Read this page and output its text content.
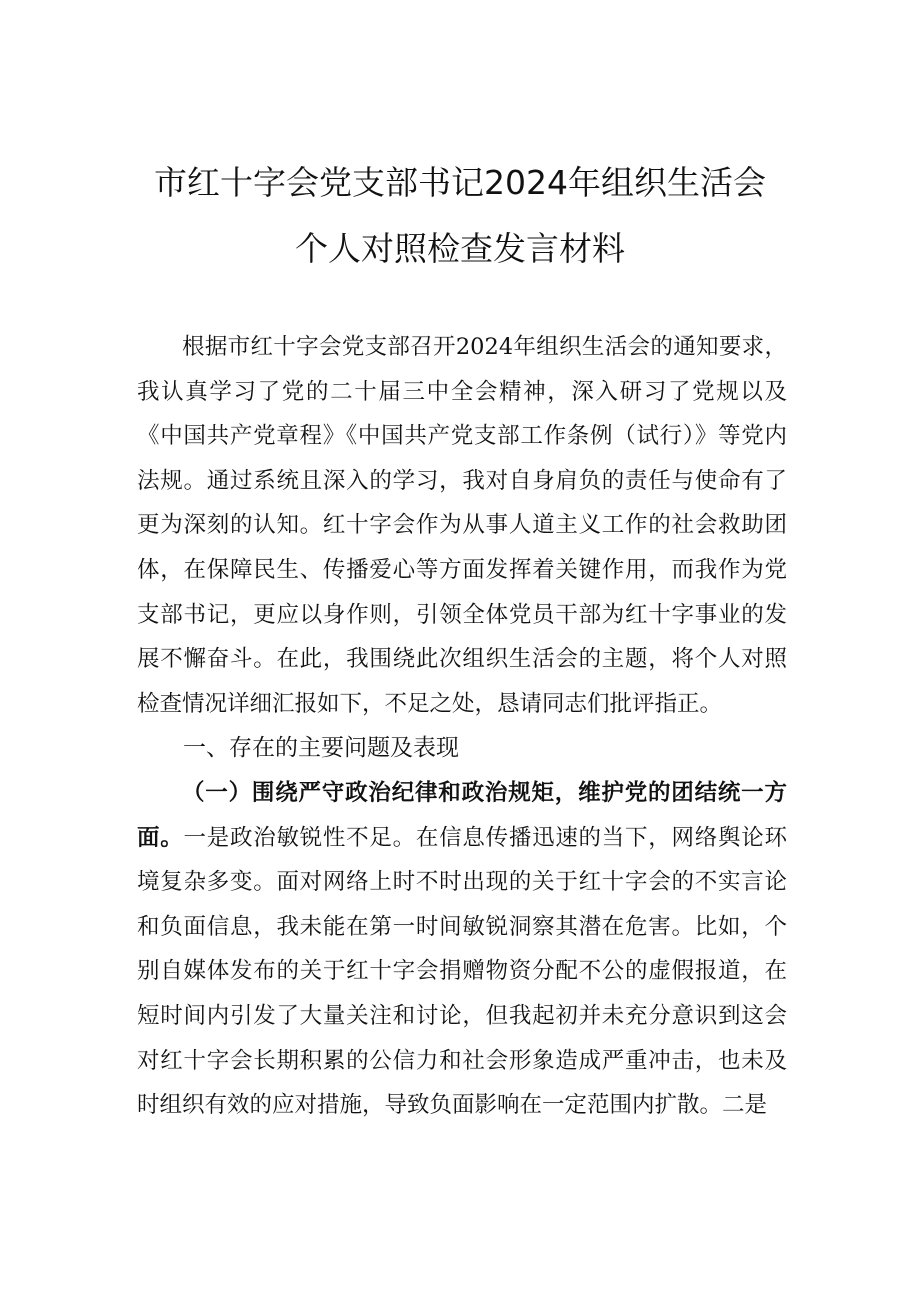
市红十字会党支部书记2024年组织生活会
个人对照检查发言材料

根据市红十字会党支部召开2024年组织生活会的通知要求，我认真学习了党的二十届三中全会精神，深入研习了党规以及《中国共产党章程》《中国共产党支部工作条例（试行）》等党内法规。通过系统且深入的学习，我对自身肩负的责任与使命有了更为深刻的认知。红十字会作为从事人道主义工作的社会救助团体，在保障民生、传播爱心等方面发挥着关键作用，而我作为党支部书记，更应以身作则，引领全体党员干部为红十字事业的发展不懈奋斗。在此，我围绕此次组织生活会的主题，将个人对照检查情况详细汇报如下，不足之处，恳请同志们批评指正。

一、存在的主要问题及表现

（一）围绕严守政治纪律和政治规矩，维护党的团结统一方面。一是政治敏锐性不足。在信息传播迅速的当下，网络舆论环境复杂多变。面对网络上时不时出现的关于红十字会的不实言论和负面信息，我未能在第一时间敏锐洞察其潜在危害。比如，个别自媒体发布的关于红十字会捐赠物资分配不公的虚假报道，在短时间内引发了大量关注和讨论，但我起初并未充分意识到这会对红十字会长期积累的公信力和社会形象造成严重冲击，也未及时组织有效的应对措施，导致负面影响在一定范围内扩散。二是
